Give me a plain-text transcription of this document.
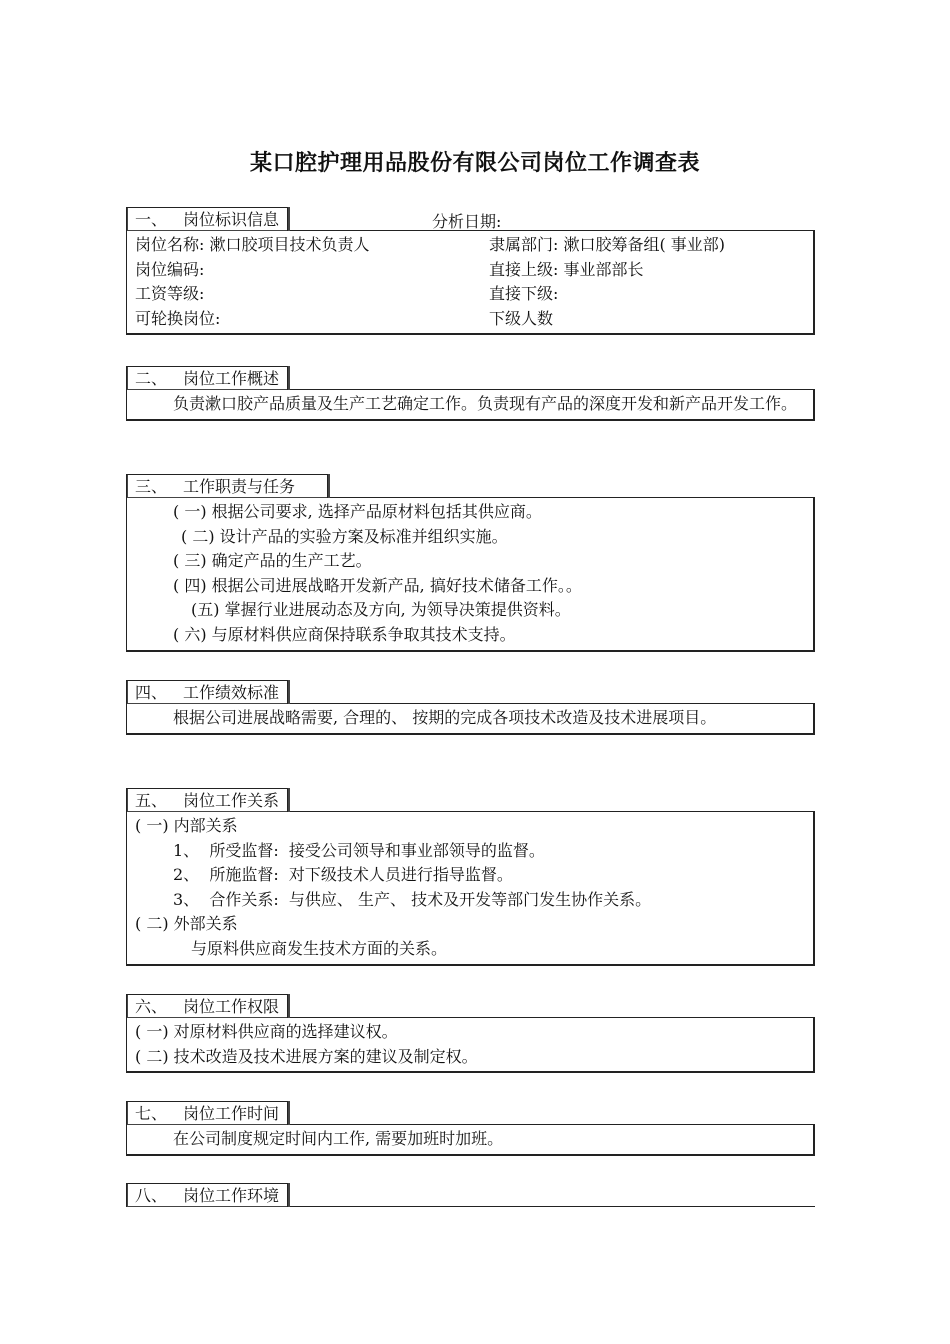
某口腔护理用品股份有限公司岗位工作调查表
一、 岗位标识信息
岗位名称: 漱口胶项目技术负责人	隶属部门: 漱口胶筹备组( 事业部)
岗位编码:	直接上级: 事业部部长
工资等级:	直接下级:
可轮换岗位:	下级人数
分析日期:
二、 岗位工作概述
负责漱口胶产品质量及生产工艺确定工作。负责现有产品的深度开发和新产品开发工作。
三、 工作职责与任务
( 一) 根据公司要求, 选择产品原材料包括其供应商。
( 二) 设计产品的实验方案及标准并组织实施。
( 三) 确定产品的生产工艺。
( 四) 根据公司进展战略开发新产品, 搞好技术储备工作。。
(五) 掌握行业进展动态及方向, 为领导决策提供资料。
( 六) 与原材料供应商保持联系争取其技术支持。
四、 工作绩效标准
根据公司进展战略需要, 合理的、 按期的完成各项技术改造及技术进展项目。
五、 岗位工作关系
( 一) 内部关系
1、  所受监督:  接受公司领导和事业部领导的监督。
2、  所施监督:  对下级技术人员进行指导监督。
3、  合作关系:  与供应、 生产、 技术及开发等部门发生协作关系。
( 二) 外部关系
与原料供应商发生技术方面的关系。
六、 岗位工作权限
( 一) 对原材料供应商的选择建议权。
( 二) 技术改造及技术进展方案的建议及制定权。
七、 岗位工作时间
在公司制度规定时间内工作, 需要加班时加班。
八、 岗位工作环境
